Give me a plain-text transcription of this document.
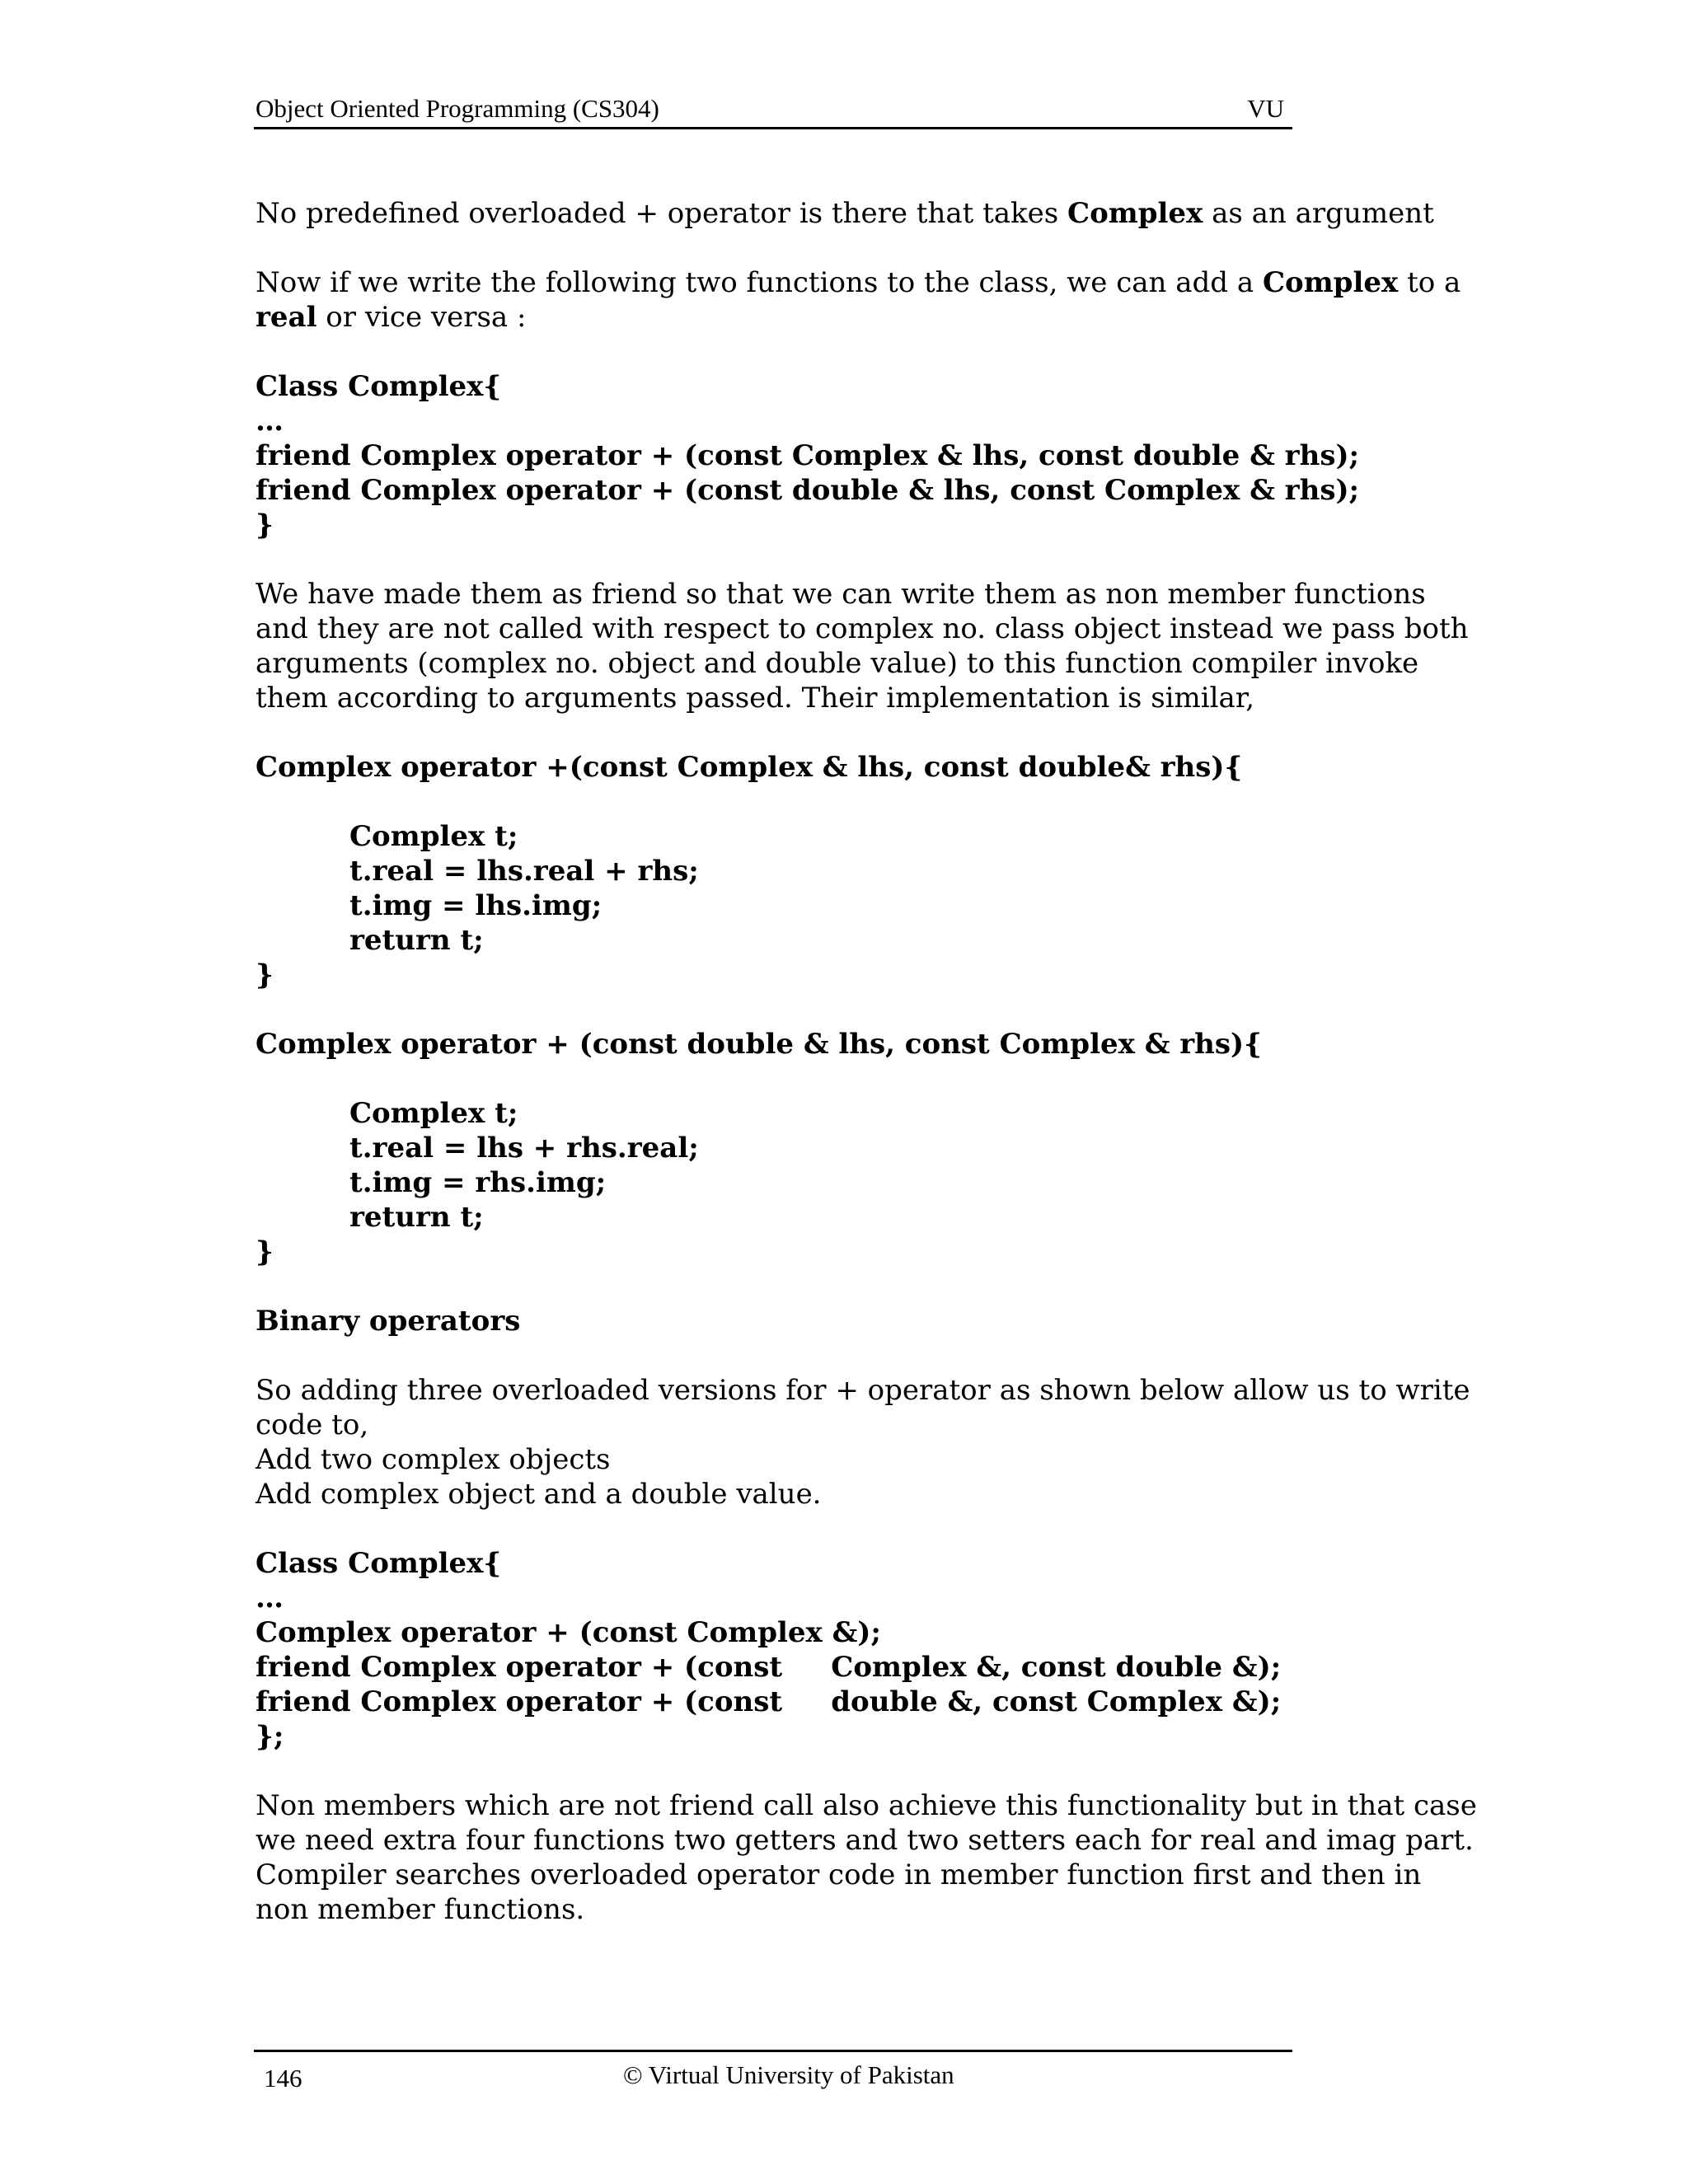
Object Oriented Programming (CS304)	VU
No predefined overloaded + operator is there that takes Complex as an argument
Now if we write the following two functions to the class, we can add a Complex to a
real or vice versa :
Class Complex{
…
friend Complex operator + (const Complex & lhs, const double & rhs);
friend Complex operator + (const double & lhs, const Complex & rhs);
}
We have made them as friend so that we can write them as non member functions
and they are not called with respect to complex no. class object instead we pass both
arguments (complex no. object and double value) to this function compiler invoke
them according to arguments passed. Their implementation is similar,
Complex operator +(const Complex & lhs, const double& rhs){
Complex t;
t.real = lhs.real + rhs;
t.img = lhs.img;
return t;
}
Complex operator + (const double & lhs, const Complex & rhs){
Complex t;
t.real = lhs + rhs.real;
t.img = rhs.img;
return t;
}
Binary operators
So adding three overloaded versions for + operator as shown below allow us to write
code to,
Add two complex objects
Add complex object and a double value.
Class Complex{
…
Complex operator + (const Complex &);
friend Complex operator + (const     Complex &, const double &);
friend Complex operator + (const     double &, const Complex &);
};
Non members which are not friend call also achieve this functionality but in that case
we need extra four functions two getters and two setters each for real and imag part.
Compiler searches overloaded operator code in member function first and then in
non member functions.
146	© Virtual University of Pakistan
